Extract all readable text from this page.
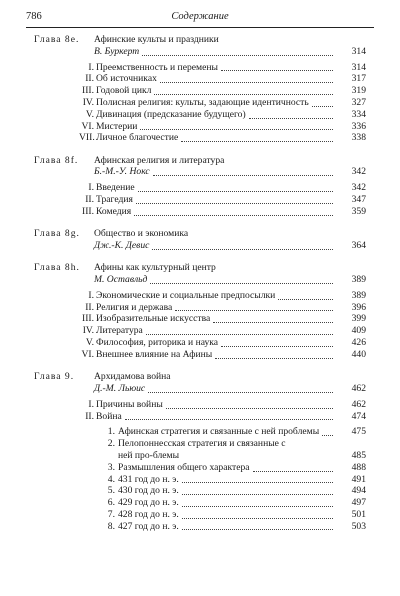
786	Содержание
Глава 8e.	Афинские культы и праздники
В. Буркерт	314
I. Преемственность и перемены	314
II. Об источниках	317
III. Годовой цикл	319
IV. Полисная религия: культы, задающие идентичность	327
V. Дивинация (предсказание будущего)	334
VI. Мистерии	336
VII. Личное благочестие	338
Глава 8f.	Афинская религия и литература
Б.-М.-У. Нокс	342
I. Введение	342
II. Трагедия	347
III. Комедия	359
Глава 8g.	Общество и экономика
Дж.-К. Девис	364
Глава 8h.	Афины как культурный центр
М. Оставльд	389
I. Экономические и социальные предпосылки	389
II. Религия и держава	396
III. Изобразительные искусства	399
IV. Литература	409
V. Философия, риторика и наука	426
VI. Внешнее влияние на Афины	440
Глава 9.	Архидамова война
Д.-М. Льюис	462
I. Причины войны	462
II. Война	474
1. Афинская стратегия и связанные с ней проблемы	475
2. Пелопоннесская стратегия и связанные с ней про-блемы	485
3. Размышления общего характера	488
4. 431 год до н. э.	491
5. 430 год до н. э.	494
6. 429 год до н. э.	497
7. 428 год до н. э.	501
8. 427 год до н. э.	503
